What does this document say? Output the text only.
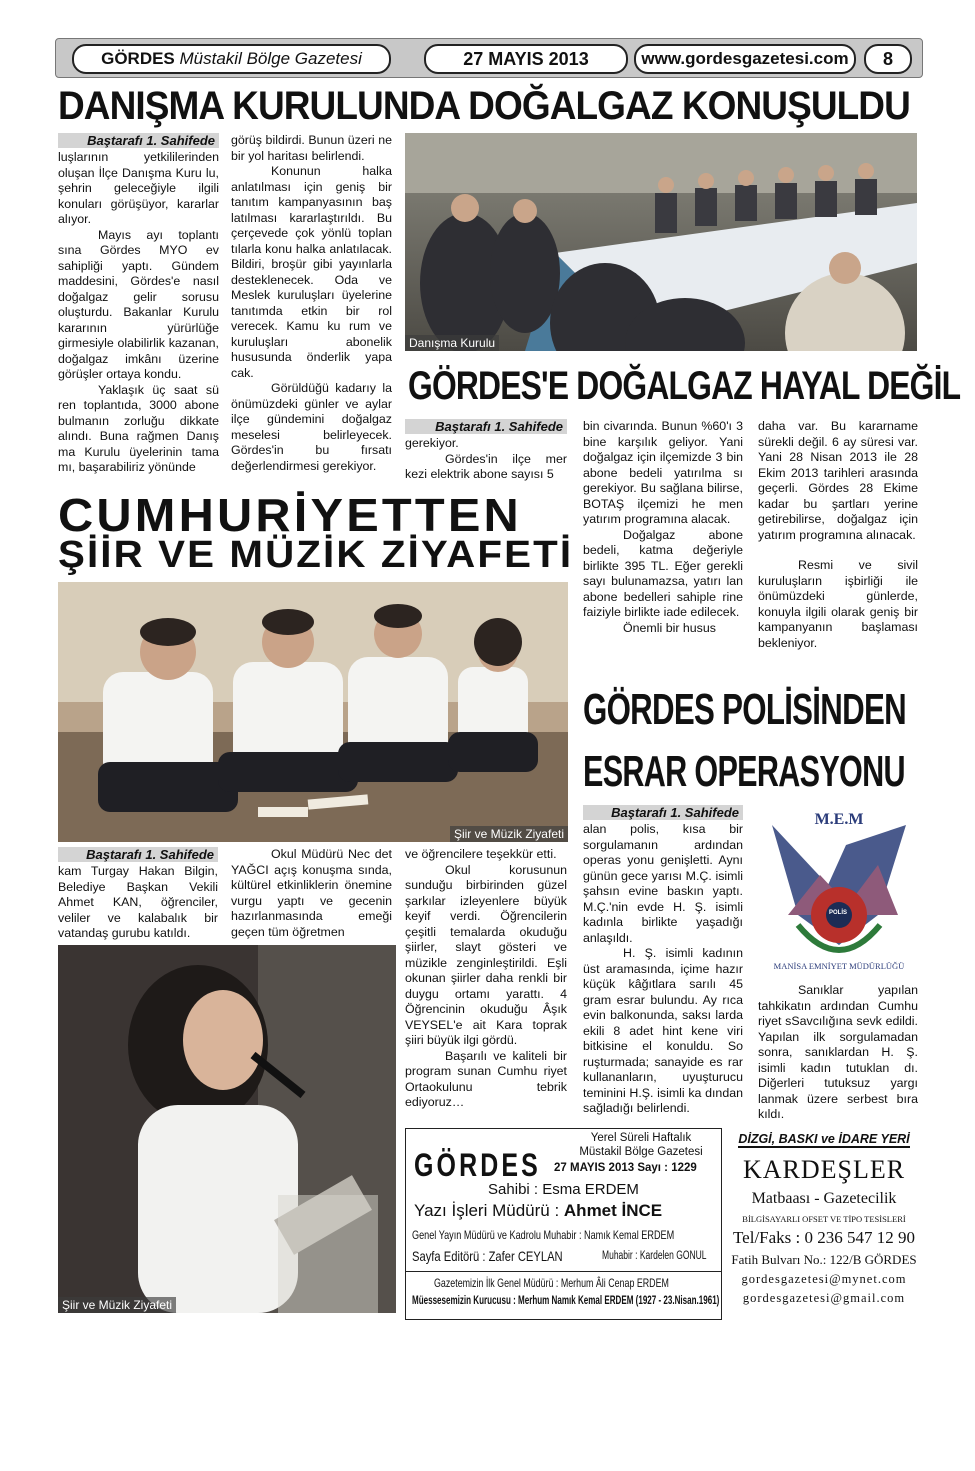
GÖRDES Müstakil Bölge Gazetesi	27 MAYIS 2013	www.gordesgazetesi.com	8
DANIŞMA KURULUNDA DOĞALGAZ KONUŞULDU
Baştarafı 1. Sahifede

luşlarının yetkililerinden oluşan İlçe Danışma Kuru lu, şehrin geleceğiyle ilgili konuları görüşüyor, kararlar alıyor.

Mayıs ayı toplantı sına Gördes MYO ev sahipliği yaptı. Gündem maddesini, Gördes'e nasıl doğalgaz gelir sorusu oluşturdu. Bakanlar Kurulu kararının yürürlüğe girmesiyle olabilirlik kazanan, doğalgaz imkânı üzerine görüşler ortaya kondu.

Yaklaşık üç saat sü ren toplantıda, 3000 abone bulmanın zorluğu dikkate alındı. Buna rağmen Danış ma Kurulu üyelerinin tama mı, başarabiliriz yönünde

görüş bildirdi. Bunun üzeri ne bir yol haritası belirlendi.

Konunun halka anlatılması için geniş bir tanıtım kampanyasının baş latılması kararlaştırıldı. Bu çerçevede çok yönlü toplan tılarla konu halka anlatılacak. Bildiri, broşür gibi yayınlarla desteklenecek. Oda ve Meslek kuruluşları üyelerine tanıtımda etkin bir rol verecek. Kamu ku rum ve kuruluşları abonelik hususunda önderlik yapa cak.

Görüldüğü kadarıy la önümüzdeki günler ve aylar ilçe gündemini doğalgaz meselesi belirleyecek. Gördes'in bu fırsatı değerlendirmesi gerekiyor.

Danışma Kurulu
GÖRDES'E DOĞALGAZ HAYAL DEĞİL
Baştarafı 1. Sahifede

gerekiyor.

Gördes'in ilçe mer kezi elektrik abone sayısı 5

bin civarında. Bunun %60'ı 3 bine karşılık geliyor. Yani doğalgaz için ilçemizde 3 bin abone bedeli yatırılma sı gerekiyor. Bu sağlana bilirse, BOTAŞ ilçemizi he men yatırım programına alacak.

Doğalgaz abone bedeli, katma değeriyle birlikte 395 TL. Eğer gerekli sayı bulunamazsa, yatırı lan abone bedelleri sahiple rine faiziyle birlikte iade edilecek.

Önemli bir husus

daha var. Bu kararname sürekli değil. 6 ay süresi var. Yani 28 Nisan 2013 ile 28 Ekim 2013 tarihleri arasında geçerli. Gördes 28 Ekime kadar bu şartları yerine getirebilirse, doğalgaz için yatırım programına alınacak.

Resmi ve sivil kuruluşların işbirliği ile önümüzdeki günlerde, konuyla ilgili olarak geniş bir kampanyanın başlaması bekleniyor.

CUMHURİYETTEN
ŞİİR VE MÜZİK ZİYAFETİ
Şiir ve Müzik Ziyafeti
Baştarafı 1. Sahifede

kam Turgay Hakan Bilgin, Belediye Başkan Vekili Ahmet KAN, öğrenciler, veliler ve kalabalık bir vatandaş gurubu katıldı.

Okul Müdürü Nec det YAĞCI açış konuşma sında, kültürel etkinliklerin önemine vurgu yaptı ve gecenin hazırlanmasında emeği geçen tüm öğretmen

ve öğrencilere teşekkür etti.

Okul korusunun sunduğu birbirinden güzel şarkılar izleyenlere büyük keyif verdi. Öğrencilerin çeşitli temalarda okuduğu şiirler, slayt gösteri ve müzikle zenginleştirildi. Eşli okunan şiirler daha renkli bir duygu ortamı yarattı. 4 Öğrencinin okuduğu Âşık VEYSEL'e ait Kara toprak şiiri büyük ilgi gördü.

Başarılı ve kaliteli bir program sunan Cumhu riyet Ortaokulunu tebrik ediyoruz…

Şiir ve Müzik Ziyafeti
GÖRDES POLİSİNDEN
ESRAR OPERASYONU
Baştarafı 1. Sahifede

alan polis, kısa bir sorgulamanın ardından operas yonu genişletti. Aynı günün gece yarısı M.Ç. isimli şahsın evine baskın yaptı. M.Ç.'nin evde H. Ş. isimli kadınla birlikte yaşadığı anlaşıldı.

H. Ş. isimli kadının üst aramasında, içime hazır küçük kâğıtlara sarılı 45 gram esrar bulundu. Ay rıca evin balkonunda, saksı larda ekili 8 adet hint kene viri bitkisine el konuldu. So ruşturmada; sanayide es rar kullananların, uyuşturucu teminini H.Ş. isimli ka dından sağladığı belirlendi.

M.E.M
POLİS
MANİSA EMNİYET MÜDÜRLÜĞÜ

Sanıklar yapılan tahkikatın ardından Cumhu riyet sSavcılığına sevk edildi. Yapılan ilk sorgulamadan sonra, sanıklardan H. Ş. isimli kadın tutuklan dı. Diğerleri tutuksuz yargı lanmak üzere serbest bıra kıldı.

GÖRDES
Yerel Süreli Haftalık
Müstakil Bölge Gazetesi
27 MAYIS 2013 Sayı : 1229
Sahibi : Esma ERDEM
Yazı İşleri Müdürü : Ahmet İNCE
Genel Yayın Müdürü ve Kadrolu Muhabir : Namık Kemal ERDEM
Sayfa Editörü : Zafer CEYLAN	Muhabir : Kardelen GÖNÜL
Gazetemizin İlk Genel Müdürü : Merhum Âli Cenap ERDEM
Müessesemizin Kurucusu : Merhum Namık Kemal ERDEM (1927 - 23.Nisan.1961)
DİZGİ, BASKI ve İDARE YERİ
KARDEŞLER
Matbaası - Gazetecilik
BİLGİSAYARLI OFSET VE TİPO TESİSLERİ
Tel/Faks : 0 236 547 12 90
Fatih Bulvarı No.: 122/B GÖRDES
gordesgazetesi@mynet.com
gordesgazetesi@gmail.com
